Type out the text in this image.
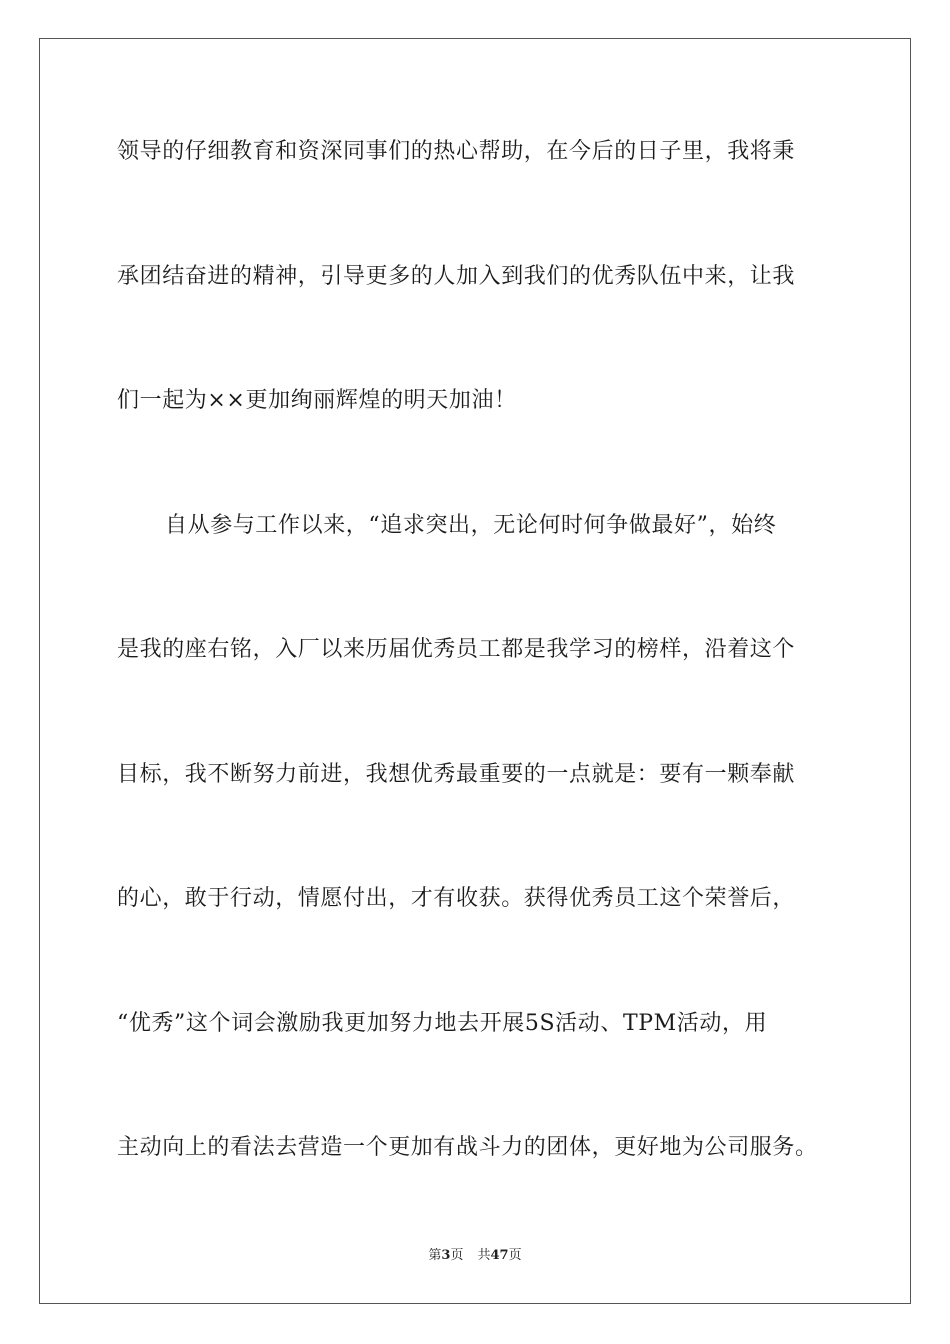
领导的仔细教育和资深同事们的热心帮助，在今后的日子里，我将秉
承团结奋进的精神，引导更多的人加入到我们的优秀队伍中来，让我
们一起为××更加绚丽辉煌的明天加油！
自从参与工作以来，“追求突出，无论何时何争做最好”，始终
是我的座右铭，入厂以来历届优秀员工都是我学习的榜样，沿着这个
目标，我不断努力前进，我想优秀最重要的一点就是：要有一颗奉献
的心，敢于行动，情愿付出，才有收获。获得优秀员工这个荣誉后，
“优秀”这个词会激励我更加努力地去开展5S活动、TPM活动，用
主动向上的看法去营造一个更加有战斗力的团体，更好地为公司服务。
第3页 共47页
